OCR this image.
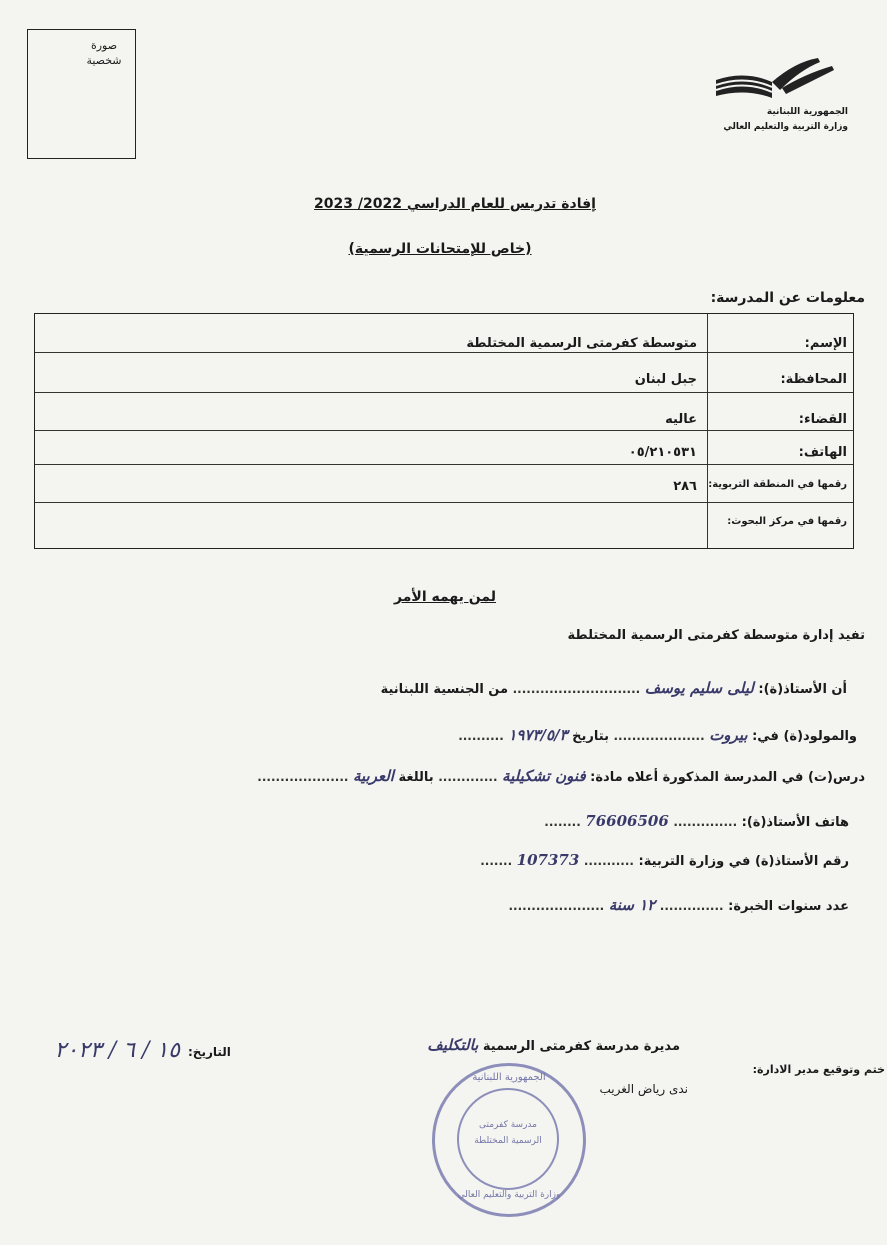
صورة
شخصية
الجمهورية اللبنانية
وزارة التربية والتعليم العالي
إفادة تدريس للعام الدراسي 2022/ 2023
(خاص للإمتحانات الرسمية)
معلومات عن المدرسة:
الإسم:
متوسطة كفرمتى الرسمية المختلطة
المحافظة:
جبل لبنان
القضاء:
عاليه
الهاتف:
٠٥/٢١٠٥٣١
رقمها في المنطقة التربوية:
٢٨٦
رقمها في مركز البحوث:
لمن يهمه الأمر
تفيد إدارة متوسطة كفرمتى الرسمية المختلطة
أن الأستاذ(ة): ليلى سليم يوسف ............................ من الجنسية اللبنانية
والمولود(ة) في: بيروت .................... بتاريخ ١٩٧٣/٥/٣ ..........
درس(ت) في المدرسة المذكورة أعلاه مادة: فنون تشكيلية ............. باللغة العربية ....................
هاتف الأستاذ(ة): .............. 76606506 ........
رقم الأستاذ(ة) في وزارة التربية: ........... 107373 .......
عدد سنوات الخبرة: .............. ١٢ سنة .....................
مديرة مدرسة كفرمتى الرسمية بالتكليف
ندى رياض الغريب
ختم وتوقيع مدير الادارة:
التاريخ:
١٥ / ٦ / ٢٠٢٣
الجمهورية اللبنانية
مدرسة كفرمتى
الرسمية المختلطة
وزارة التربية والتعليم العالي
